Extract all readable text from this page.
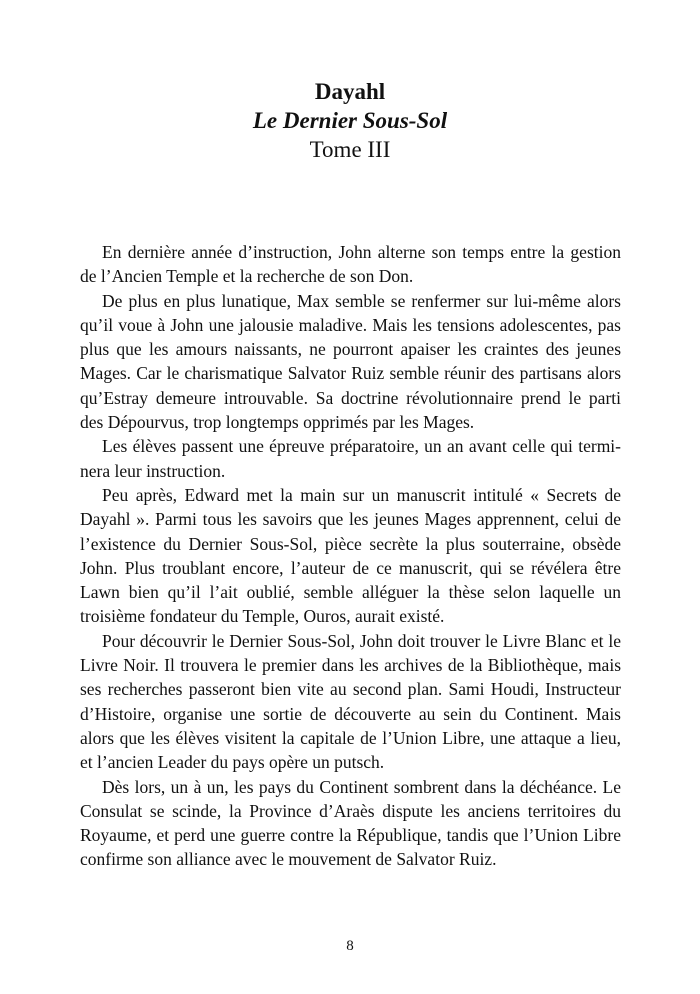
Dayahl
Le Dernier Sous-Sol
Tome III

En dernière année d’instruction, John alterne son temps entre la gestion de l’Ancien Temple et la recherche de son Don.

De plus en plus lunatique, Max semble se renfermer sur lui-même alors qu’il voue à John une jalousie maladive. Mais les tensions adolescentes, pas plus que les amours naissants, ne pourront apaiser les craintes des jeunes Mages. Car le charismatique Salvator Ruiz semble réunir des partisans alors qu’Estray demeure introuvable. Sa doctrine révolutionnaire prend le parti des Dépourvus, trop longtemps opprimés par les Mages.

Les élèves passent une épreuve préparatoire, un an avant celle qui terminera leur instruction.

Peu après, Edward met la main sur un manuscrit intitulé « Secrets de Dayahl ». Parmi tous les savoirs que les jeunes Mages apprennent, celui de l’existence du Dernier Sous-Sol, pièce secrète la plus souterraine, obsède John. Plus troublant encore, l’auteur de ce manuscrit, qui se révélera être Lawn bien qu’il l’ait oublié, semble alléguer la thèse selon laquelle un troisième fondateur du Temple, Ouros, aurait existé.

Pour découvrir le Dernier Sous-Sol, John doit trouver le Livre Blanc et le Livre Noir. Il trouvera le premier dans les archives de la Bibliothèque, mais ses recherches passeront bien vite au second plan. Sami Houdi, Instructeur d’Histoire, organise une sortie de découverte au sein du Continent. Mais alors que les élèves visitent la capitale de l’Union Libre, une attaque a lieu, et l’ancien Leader du pays opère un putsch.

Dès lors, un à un, les pays du Continent sombrent dans la déchéance. Le Consulat se scinde, la Province d’Araès dispute les anciens territoires du Royaume, et perd une guerre contre la République, tandis que l’Union Libre confirme son alliance avec le mouvement de Salvator Ruiz.

8
